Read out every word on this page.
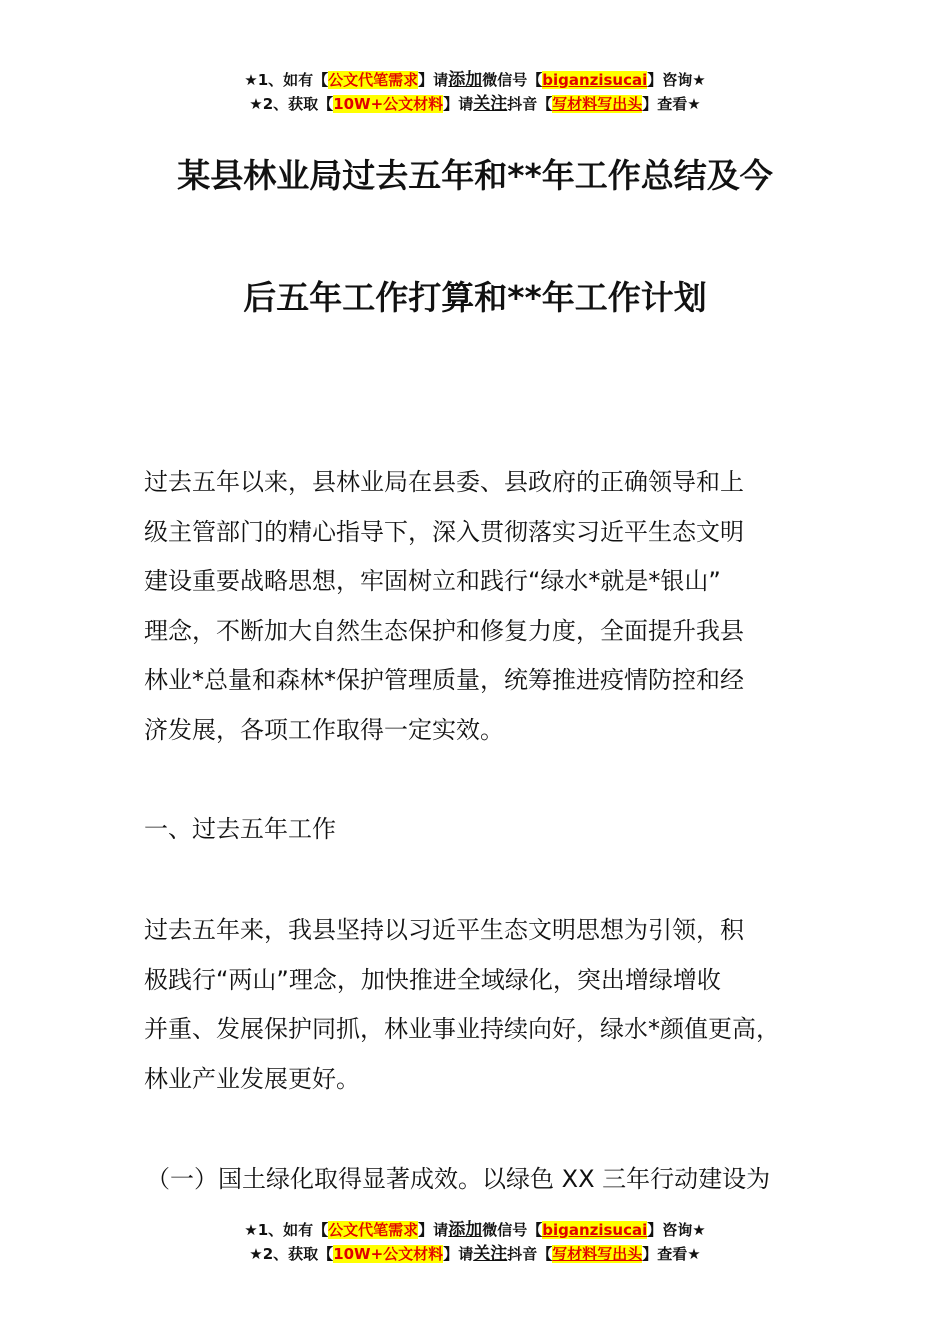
★1、如有【公文代笔需求】请添加微信号【biganzisucai】咨询★
★2、获取【10W+公文材料】请关注抖音【写材料写出头】查看★
某县林业局过去五年和**年工作总结及今
后五年工作打算和**年工作计划
过去五年以来，县林业局在县委、县政府的正确领导和上
级主管部门的精心指导下，深入贯彻落实习近平生态文明
建设重要战略思想，牢固树立和践行“绿水*就是*银山”
理念，不断加大自然生态保护和修复力度，全面提升我县
林业*总量和森林*保护管理质量，统筹推进疫情防控和经
济发展，各项工作取得一定实效。
一、过去五年工作
过去五年来，我县坚持以习近平生态文明思想为引领，积
极践行“两山”理念，加快推进全域绿化，突出增绿增收
并重、发展保护同抓，林业事业持续向好，绿水*颜值更高，
林业产业发展更好。
（一）国土绿化取得显著成效。以绿色 XX 三年行动建设为
★1、如有【公文代笔需求】请添加微信号【biganzisucai】咨询★
★2、获取【10W+公文材料】请关注抖音【写材料写出头】查看★
